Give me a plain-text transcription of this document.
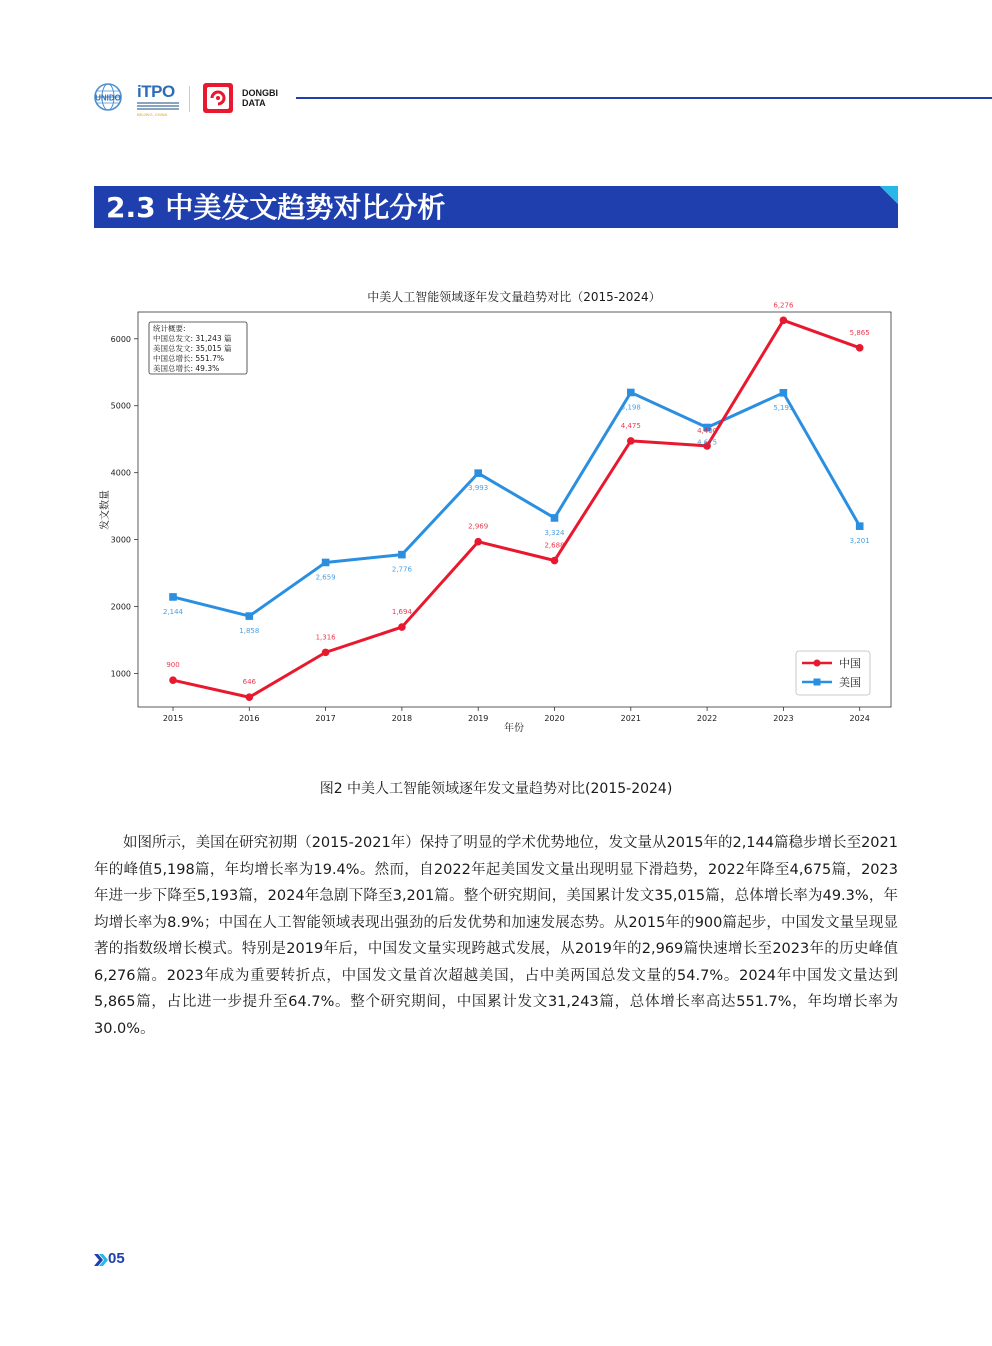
UNIDO iTPO
BEIJING, CHINA
DONGBI
DATA
2.3 中美发文趋势对比分析
中美人工智能领域逐年发文量趋势对比（2015-2024）
2015	2016	2017	2018	2019	2020	2021	2022	2023	2024
1000
2000
3000
4000
5000
6000
2,144
1,858
2,659
2,776
3,993
3,324
5,198
4,675
5,193
3,201
900
646
1,316
1,694
2,969
2,688
4,475
4,400
6,276
5,865
统计概要:
中国总发文: 31,243 篇
美国总发文: 35,015 篇
中国总增长: 551.7%
美国总增长: 49.3%
中国
美国
年份
发文数量
图2 中美人工智能领域逐年发文量趋势对比(2015-2024)

如图所示，美国在研究初期（2015-2021年）保持了明显的学术优势地位，发文量从2015年的2,144篇稳步增长至2021年的峰值5,198篇，年均增长率为19.4%。然而，自2022年起美国发文量出现明显下滑趋势，2022年降至4,675篇，2023年进一步下降至5,193篇，2024年急剧下降至3,201篇。整个研究期间，美国累计发文35,015篇，总体增长率为49.3%，年均增长率为8.9%；中国在人工智能领域表现出强劲的后发优势和加速发展态势。从2015年的900篇起步，中国发文量呈现显著的指数级增长模式。特别是2019年后，中国发文量实现跨越式发展，从2019年的2,969篇快速增长至2023年的历史峰值6,276篇。2023年成为重要转折点，中国发文量首次超越美国，占中美两国总发文量的54.7%。2024年中国发文量达到5,865篇，占比进一步提升至64.7%。整个研究期间，中国累计发文31,243篇，总体增长率高达551.7%，年均增长率为30.0%。

05
